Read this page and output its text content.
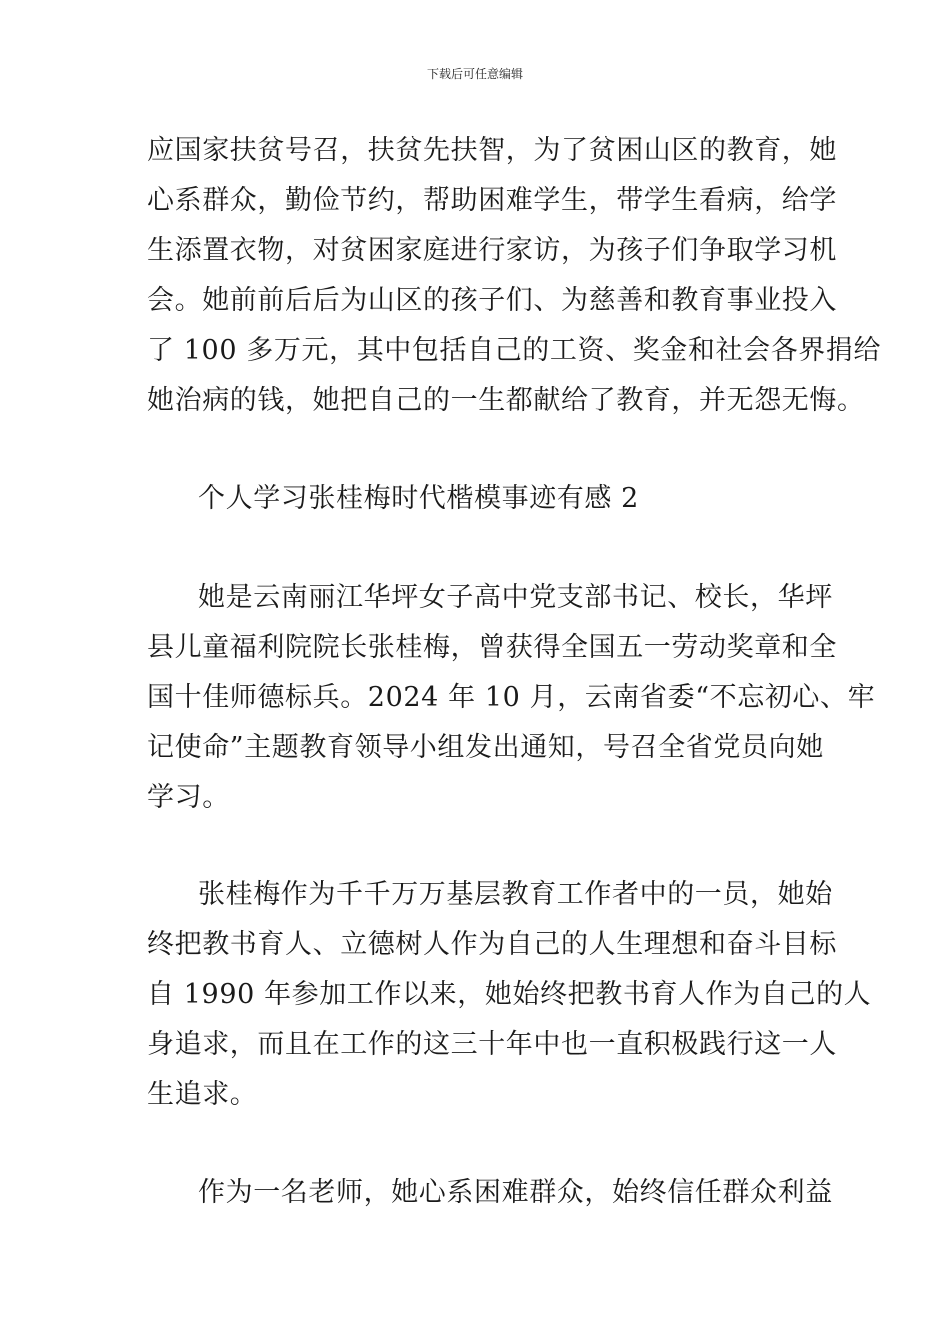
下载后可任意编辑
应国家扶贫号召，扶贫先扶智，为了贫困山区的教育，她
心系群众，勤俭节约，帮助困难学生，带学生看病，给学
生添置衣物，对贫困家庭进行家访，为孩子们争取学习机
会。她前前后后为山区的孩子们、为慈善和教育事业投入
了 100 多万元，其中包括自己的工资、奖金和社会各界捐给
她治病的钱，她把自己的一生都献给了教育，并无怨无悔。
个人学习张桂梅时代楷模事迹有感 2
她是云南丽江华坪女子高中党支部书记、校长，华坪
县儿童福利院院长张桂梅，曾获得全国五一劳动奖章和全
国十佳师德标兵。2024 年 10 月，云南省委“不忘初心、牢
记使命”主题教育领导小组发出通知，号召全省党员向她
学习。
张桂梅作为千千万万基层教育工作者中的一员，她始
终把教书育人、立德树人作为自己的人生理想和奋斗目标
自 1990 年参加工作以来，她始终把教书育人作为自己的人
身追求，而且在工作的这三十年中也一直积极践行这一人
生追求。
作为一名老师，她心系困难群众，始终信任群众利益
